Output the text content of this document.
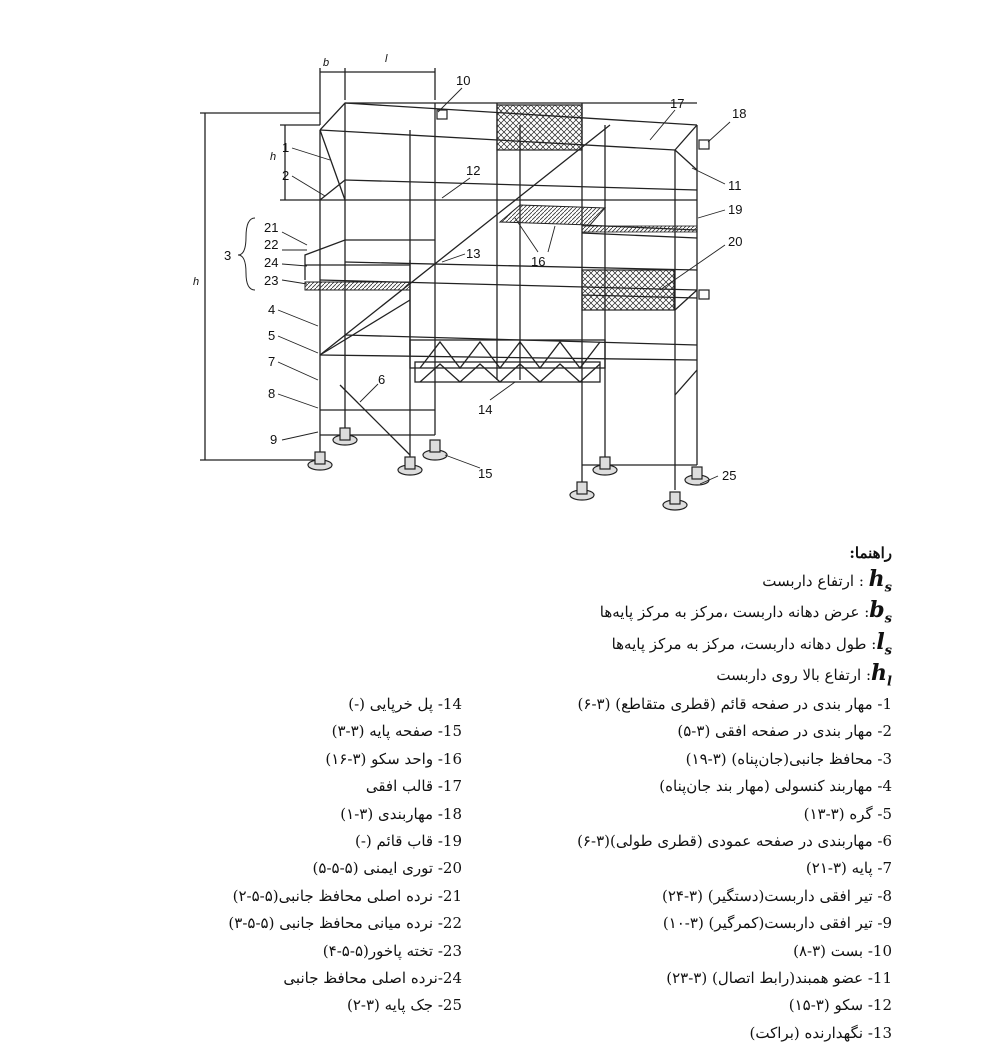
b	l
h
h
1
2
3
4
5
6
7
8
9
10
11
12
13
14
15
16
17
18
19
20
21
22
24
23
25
راهنما:
$h_s$ : ارتفاع داربست
$b_s$: عرض دهانه داربست ،مرکز به مرکز پایه‌ها
$l_s$: طول دهانه داربست، مرکز به مرکز پایه‌ها
$h_l$: ارتفاع بالا روی داربست
1- مهار بندی در صفحه قائم (قطری متقاطع) (۳-۶)
2- مهار بندی در صفحه افقی (۳-۵)
3- محافظ جانبی(جان‌پناه) (۳-۱۹)
4- مهاربند کنسولی (مهار بند جان‌پناه)
5- گره (۳-۱۳)
6- مهاربندی در صفحه عمودی (قطری طولی)(۳-۶)
7- پایه (۳-۲۱)
8- تیر افقی داربست(دستگیر) (۳-۲۴)
9- تیر افقی داربست(کمرگیر) (۳-۱۰)
10- بست (۳-۸)
11- عضو همبند(رابط اتصال) (۳-۲۳)
12- سکو (۳-۱۵)
13- نگهدارنده (براکت)
14- پل خرپایی (-)
15- صفحه پایه (۳-۳)
16- واحد سکو (۳-۱۶)
17- قالب افقی
18- مهاربندی (۳-۱)
19- قاب قائم (-)
20- توری ایمنی (۵-۵-۵)
21- نرده اصلی محافظ جانبی(۵-۵-۲)
22- نرده میانی محافظ جانبی (۵-۵-۳)
23- تخته پاخور(۵-۵-۴)
24-نرده اصلی محافظ جانبی
25- جک پایه (۳-۲)
